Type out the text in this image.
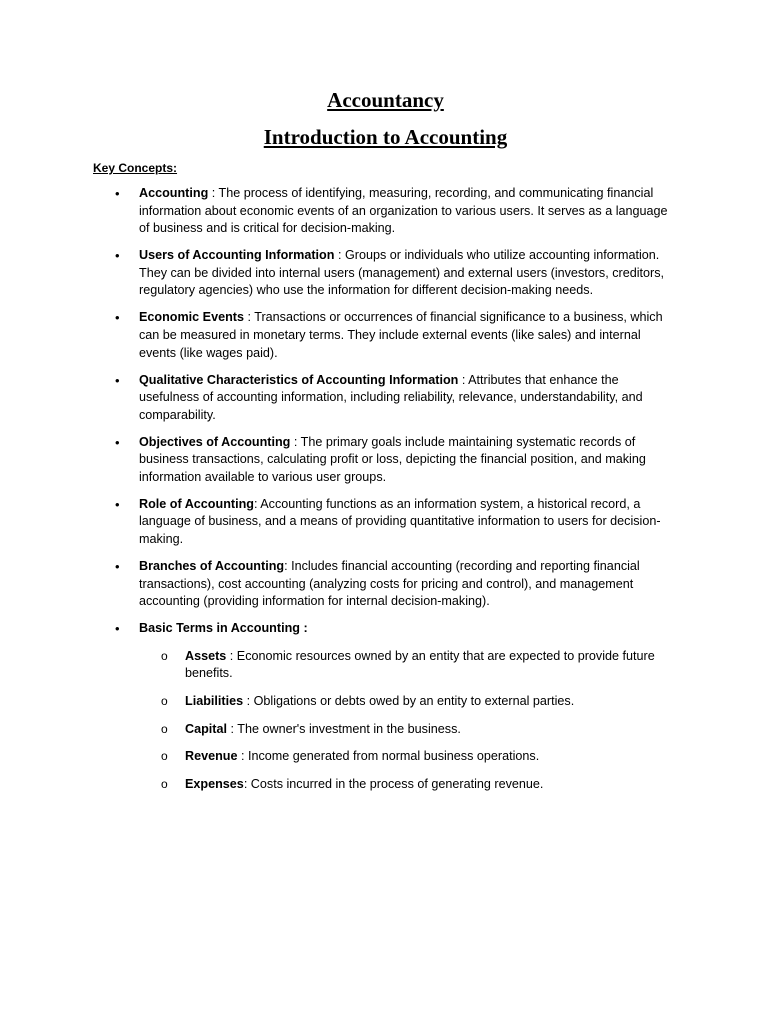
Accountancy
Introduction to Accounting
Key Concepts:
• Accounting : The process of identifying, measuring, recording, and communicating financial information about economic events of an organization to various users. It serves as a language of business and is critical for decision-making.
• Users of Accounting Information : Groups or individuals who utilize accounting information. They can be divided into internal users (management) and external users (investors, creditors, regulatory agencies) who use the information for different decision-making needs.
• Economic Events : Transactions or occurrences of financial significance to a business, which can be measured in monetary terms. They include external events (like sales) and internal events (like wages paid).
• Qualitative Characteristics of Accounting Information : Attributes that enhance the usefulness of accounting information, including reliability, relevance, understandability, and comparability.
• Objectives of Accounting : The primary goals include maintaining systematic records of business transactions, calculating profit or loss, depicting the financial position, and making information available to various user groups.
• Role of Accounting: Accounting functions as an information system, a historical record, a language of business, and a means of providing quantitative information to users for decision-making.
• Branches of Accounting: Includes financial accounting (recording and reporting financial transactions), cost accounting (analyzing costs for pricing and control), and management accounting (providing information for internal decision-making).
• Basic Terms in Accounting :
o Assets : Economic resources owned by an entity that are expected to provide future benefits.
o Liabilities : Obligations or debts owed by an entity to external parties.
o Capital : The owner's investment in the business.
o Revenue : Income generated from normal business operations.
o Expenses: Costs incurred in the process of generating revenue.
